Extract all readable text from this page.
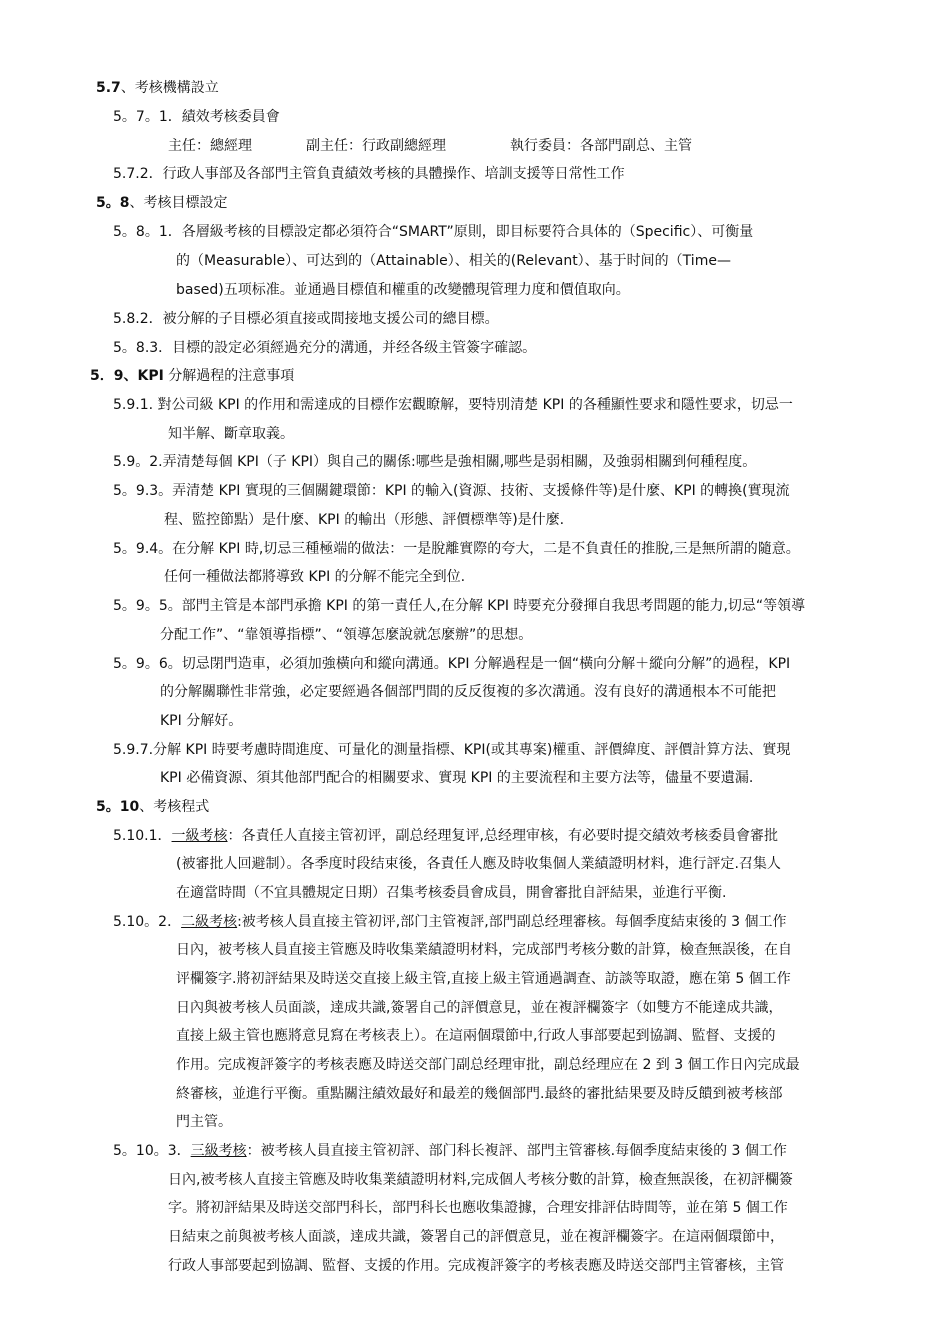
5.7、考核機構設立
5。7。1．績效考核委員會
主任：總經理	副主任：行政副總經理	執行委員：各部門副总、主管
5.7.2．行政人事部及各部門主管負責績效考核的具體操作、培訓支援等日常性工作
5。8、考核目標設定
5。8。1．各層級考核的目標設定都必須符合“SMART”原則，即目标要符合具体的（Specific）、可衡量
的（Measurable）、可达到的（Attainable）、相关的(Relevant）、基于时间的（Time—
based)五项标准。並通過目標值和權重的改變體現管理力度和價值取向。
5.8.2．被分解的子目標必須直接或間接地支援公司的總目標。
5。8.3．目標的設定必須經過充分的溝通，并经各级主管簽字確認。
5．9、KPI 分解過程的注意事項
5.9.1. 對公司級 KPI 的作用和需達成的目標作宏觀瞭解，要特別清楚 KPI 的各種顯性要求和隱性要求，切忌一
知半解、斷章取義。
5.9。2.弄清楚每個 KPI（子 KPI）與自己的關係:哪些是強相關,哪些是弱相關，及強弱相關到何種程度。
5。9.3。弄清楚 KPI 實現的三個關鍵環節：KPI 的輸入(資源、技術、支援條件等)是什麼、KPI 的轉換(實現流
程、監控節點）是什麼、KPI 的輸出（形態、評價標準等)是什麼.
5。9.4。在分解 KPI 時,切忌三種極端的做法：一是脫離實際的夸大，二是不負責任的推脫,三是無所謂的隨意。
任何一種做法都將導致 KPI 的分解不能完全到位.
5。9。5。部門主管是本部門承擔 KPI 的第一責任人,在分解 KPI 時要充分發揮自我思考問題的能力,切忌“等領導
分配工作”、“靠領導指標”、“領導怎麼說就怎麼辦”的思想。
5。9。6。切忌閉門造車，必須加強橫向和縱向溝通。KPI 分解過程是一個“橫向分解＋縱向分解”的過程，KPI
的分解關聯性非常強，必定要經過各個部門間的反反復複的多次溝通。沒有良好的溝通根本不可能把
KPI 分解好。
5.9.7.分解 KPI 時要考慮時間進度、可量化的測量指標、KPI(或其專案)權重、評價緯度、評價計算方法、實現
KPI 必備資源、須其他部門配合的相關要求、實現 KPI 的主要流程和主要方法等，儘量不要遺漏.
5。10、考核程式
5.10.1．一級考核：各責任人直接主管初评，副总经理复评,总经理审核，有必要时提交績效考核委員會審批
(被審批人回避制）。各季度时段结束後，各責任人應及時收集個人業績證明材料，進行評定.召集人
在適當時間（不宜具體規定日期）召集考核委員會成員，開會審批自評結果，並進行平衡.
5.10。2．二級考核:被考核人員直接主管初评,部门主管複評,部門副总经理審核。每個季度結束後的 3 個工作
日內，被考核人員直接主管應及時收集業績證明材料，完成部門考核分數的計算，檢查無誤後，在自
评欄簽字.將初評結果及時送交直接上級主管,直接上級主管通過調查、訪談等取證，應在第 5 個工作
日內與被考核人员面談，達成共識,簽署自己的評價意見，並在複評欄簽字（如雙方不能達成共識，
直接上級主管也應將意見寫在考核表上）。在這兩個環節中,行政人事部要起到協調、監督、支援的
作用。完成複評簽字的考核表應及時送交部门副总经理审批，副总经理应在 2 到 3 個工作日內完成最
終審核，並進行平衡。重點關注績效最好和最差的幾個部門.最終的審批結果要及時反饋到被考核部
門主管。
5。10。3．三級考核：被考核人員直接主管初評、部门科长複評、部門主管審核.每個季度結束後的 3 個工作
日內,被考核人直接主管應及時收集業績證明材料,完成個人考核分數的計算，檢查無誤後，在初評欄簽
字。將初評結果及時送交部門科长，部門科长也應收集證據，合理安排評估時間等，並在第 5 個工作
日結束之前與被考核人面談，達成共識，簽署自己的評價意見，並在複評欄簽字。在這兩個環節中，
行政人事部要起到協調、監督、支援的作用。完成複評簽字的考核表應及時送交部門主管審核，主管
